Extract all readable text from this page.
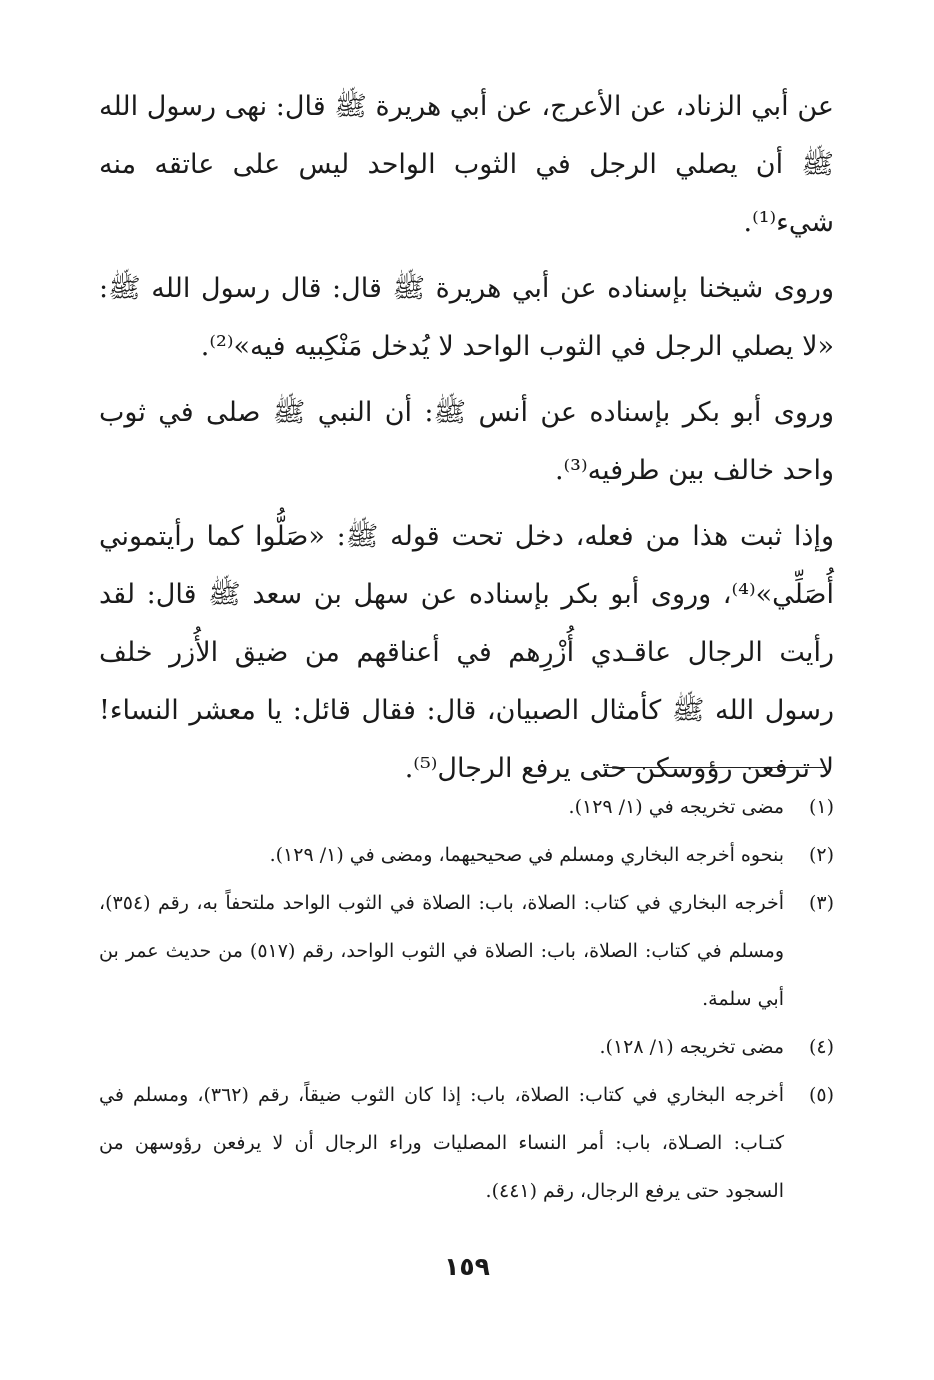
عن أبي الزناد، عن الأعرج، عن أبي هريرة ﷺ قال: نهى رسول الله ﷺ أن يصلي الرجل في الثوب الواحد ليس على عاتقه منه شيء⁽¹⁾.

وروى شيخنا بإسناده عن أبي هريرة ﷺ قال: قال رسول الله ﷺ: «لا يصلي الرجل في الثوب الواحد لا يُدخل مَنْكِبيه فيه»⁽²⁾.

وروى أبو بكر بإسناده عن أنس ﷺ: أن النبي ﷺ صلى في ثوب واحد خالف بين طرفيه⁽³⁾.

وإذا ثبت هذا من فعله، دخل تحت قوله ﷺ: «صَلُّوا كما رأيتموني أُصَلِّي»⁽⁴⁾، وروى أبو بكر بإسناده عن سهل بن سعد ﷺ قال: لقد رأيت الرجال عاقـدي أُزْرِهم في أعناقهم من ضيق الأُزر خلف رسول الله ﷺ كأمثال الصبيان، قال: فقال قائل: يا معشر النساء! لا ترفعن رؤوسكن حتى يرفع الرجال⁽⁵⁾.

(١)
مضى تخريجه في (١/ ١٢٩).
(٢)
بنحوه أخرجه البخاري ومسلم في صحيحيهما، ومضى في (١/ ١٢٩).
(٣)
أخرجه البخاري في كتاب: الصلاة، باب: الصلاة في الثوب الواحد ملتحفاً به، رقم (٣٥٤)، ومسلم في كتاب: الصلاة، باب: الصلاة في الثوب الواحد، رقم (٥١٧) من حديث عمر بن أبي سلمة.
(٤)
مضى تخريجه (١/ ١٢٨).
(٥)
أخرجه البخاري في كتاب: الصلاة، باب: إذا كان الثوب ضيقاً، رقم (٣٦٢)، ومسلم في كتـاب: الصـلاة، باب: أمر النساء المصليات وراء الرجال أن لا يرفعن رؤوسهن من السجود حتى يرفع الرجال، رقم (٤٤١).
١٥٩
